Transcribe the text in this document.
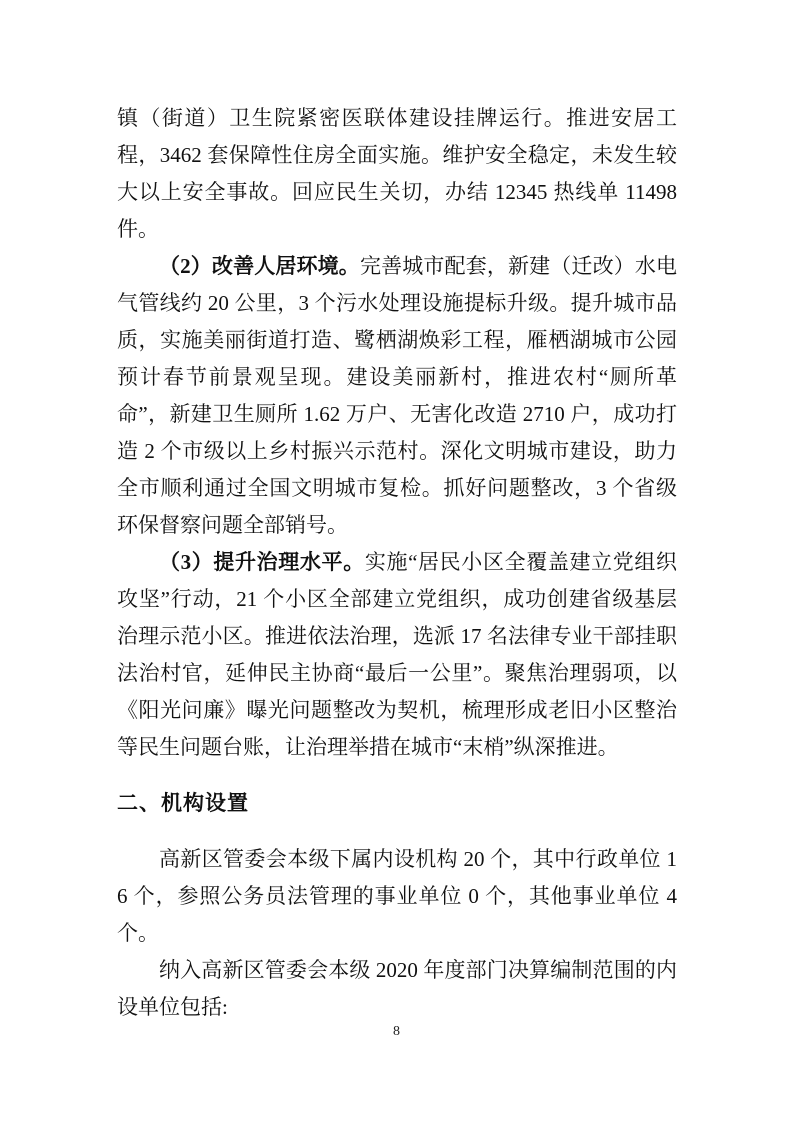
镇（街道）卫生院紧密医联体建设挂牌运行。推进安居工程，3462 套保障性住房全面实施。维护安全稳定，未发生较大以上安全事故。回应民生关切，办结 12345 热线单 11498 件。

（2）改善人居环境。完善城市配套，新建（迁改）水电气管线约 20 公里，3 个污水处理设施提标升级。提升城市品质，实施美丽街道打造、鹭栖湖焕彩工程，雁栖湖城市公园预计春节前景观呈现。建设美丽新村，推进农村“厕所革命”，新建卫生厕所 1.62 万户、无害化改造 2710 户，成功打造 2 个市级以上乡村振兴示范村。深化文明城市建设，助力全市顺利通过全国文明城市复检。抓好问题整改，3 个省级环保督察问题全部销号。

（3）提升治理水平。实施“居民小区全覆盖建立党组织攻坚”行动，21 个小区全部建立党组织，成功创建省级基层治理示范小区。推进依法治理，选派 17 名法律专业干部挂职法治村官，延伸民主协商“最后一公里”。聚焦治理弱项，以《阳光问廉》曝光问题整改为契机，梳理形成老旧小区整治等民生问题台账，让治理举措在城市“末梢”纵深推进。

二、机构设置

高新区管委会本级下属内设机构 20 个，其中行政单位 16 个，参照公务员法管理的事业单位 0 个，其他事业单位 4 个。

纳入高新区管委会本级 2020 年度部门决算编制范围的内设单位包括:

8
